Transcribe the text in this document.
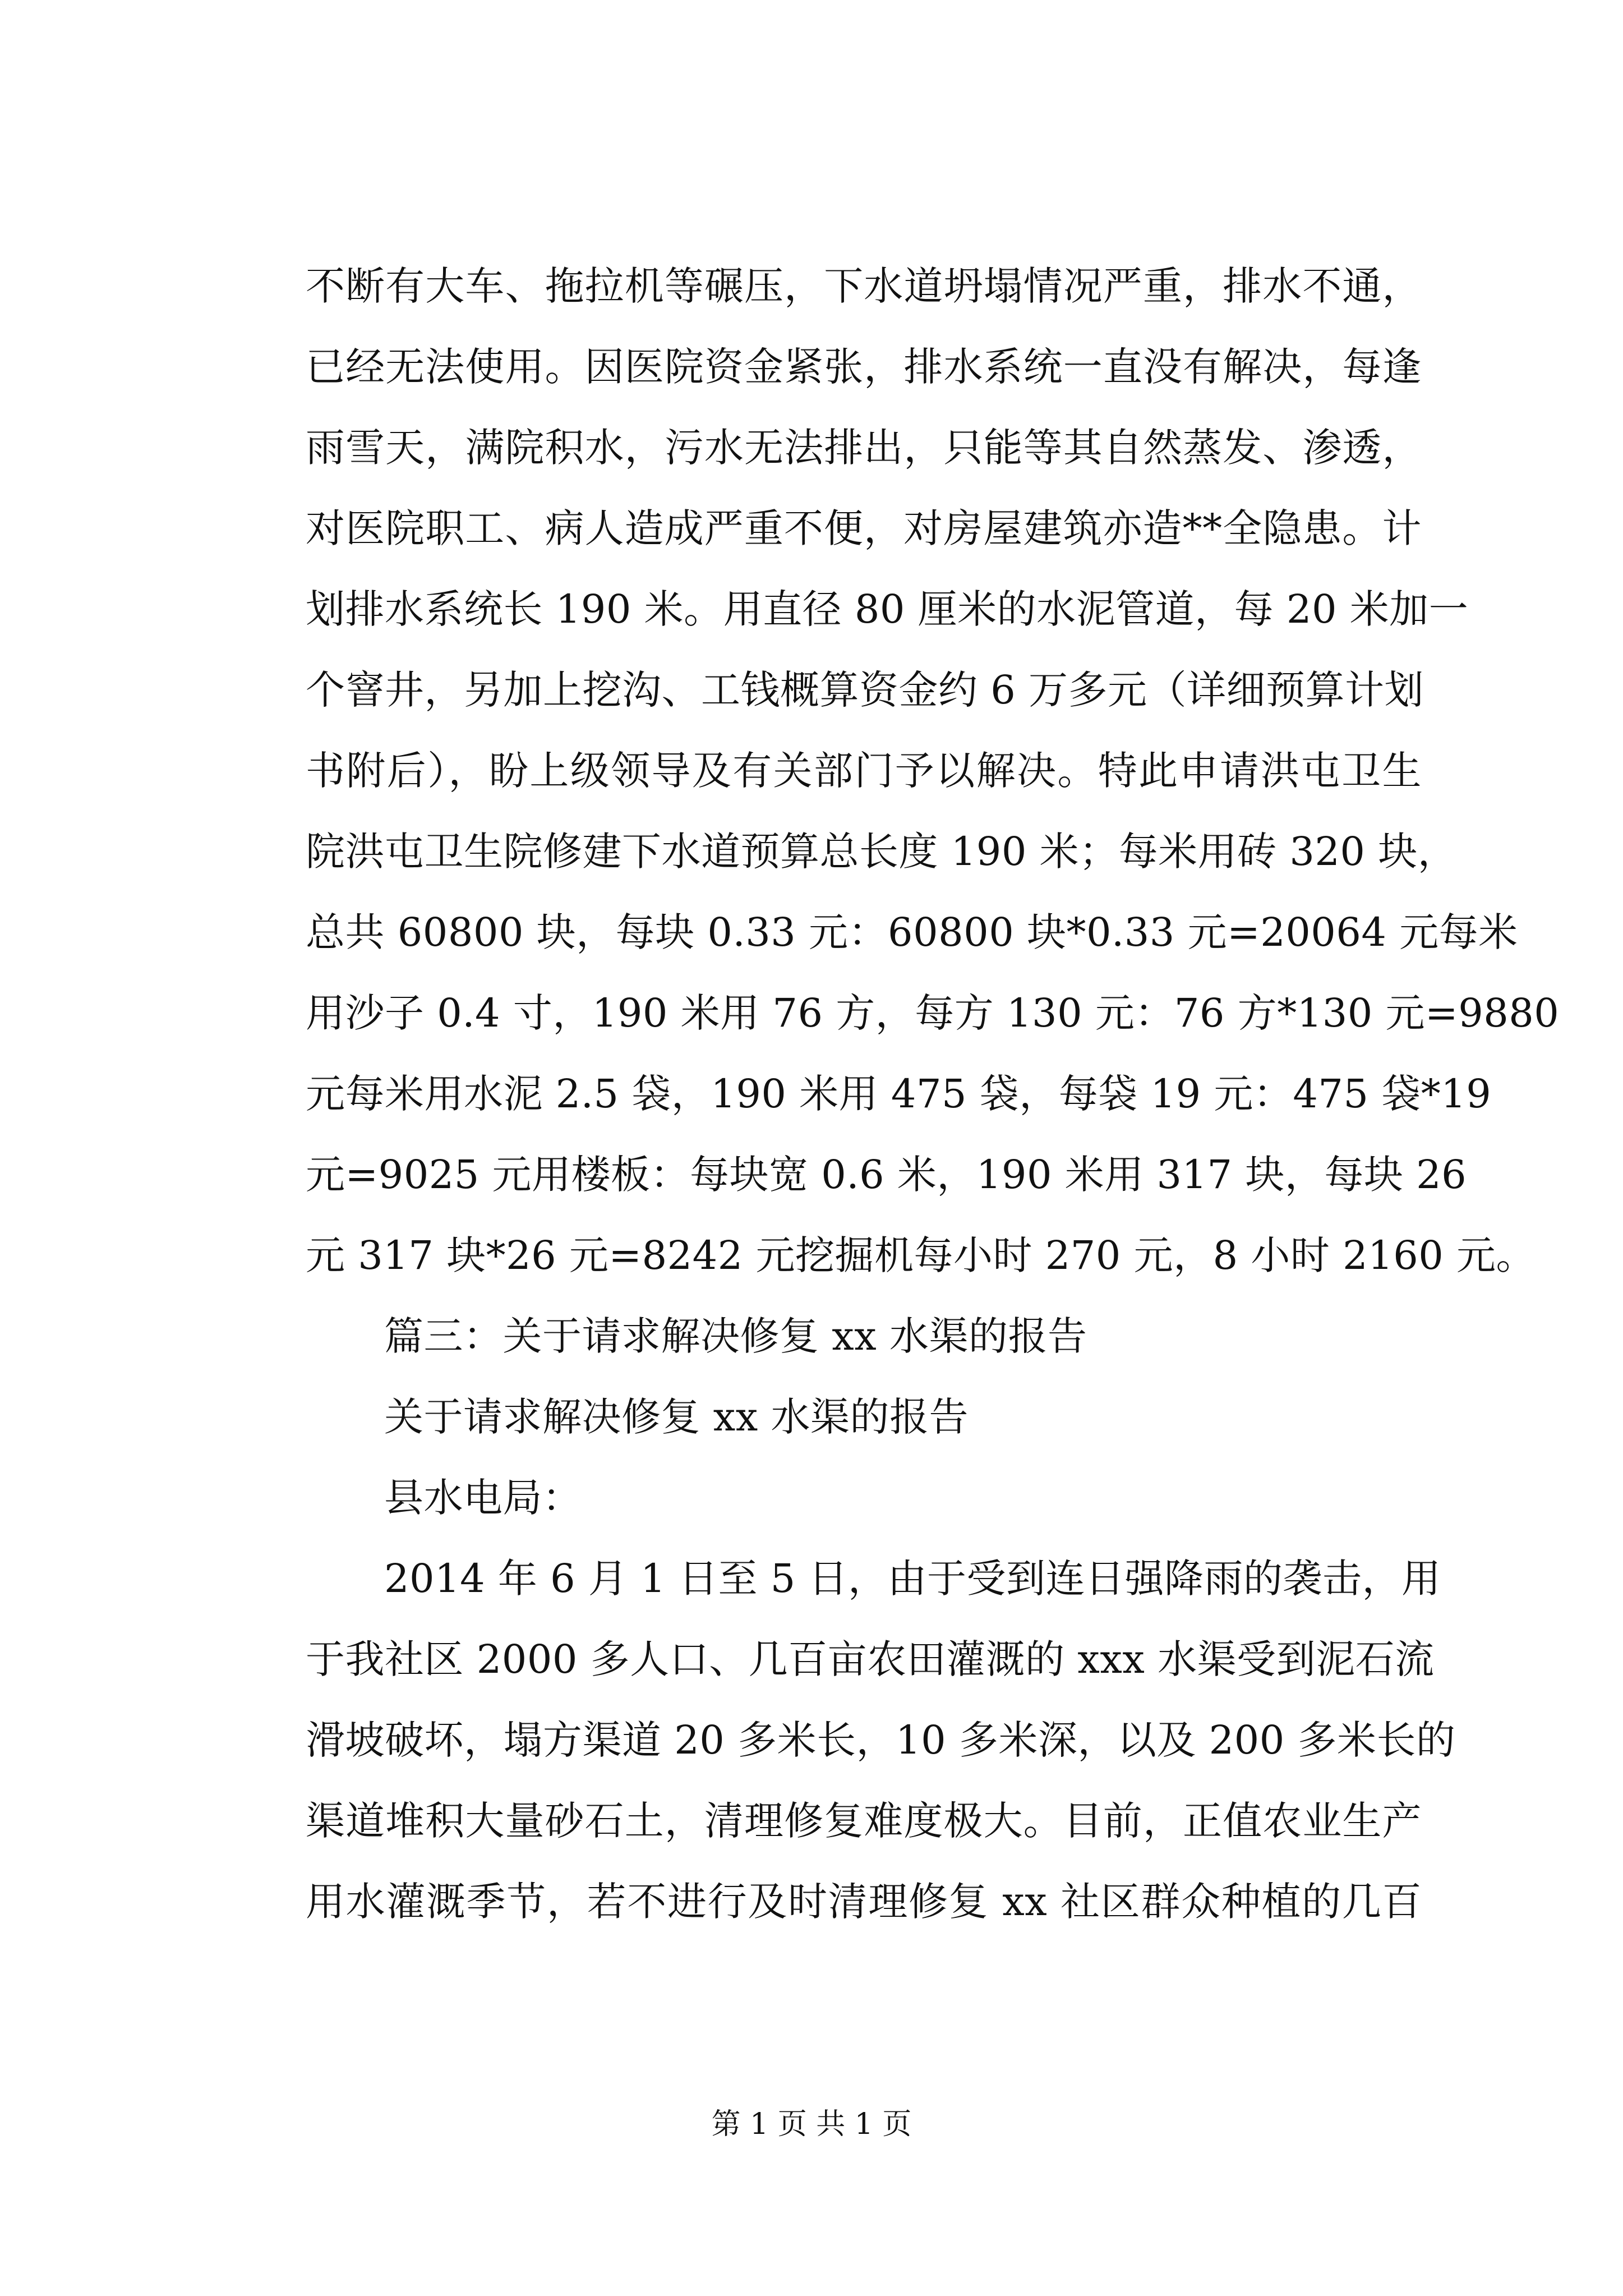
不断有大车、拖拉机等碾压，下水道坍塌情况严重，排水不通，
已经无法使用。因医院资金紧张，排水系统一直没有解决，每逢
雨雪天，满院积水，污水无法排出，只能等其自然蒸发、渗透，
对医院职工、病人造成严重不便，对房屋建筑亦造**全隐患。计
划排水系统长 190 米。用直径 80 厘米的水泥管道，每 20 米加一
个窨井，另加上挖沟、工钱概算资金约 6 万多元（详细预算计划
书附后），盼上级领导及有关部门予以解决。特此申请洪屯卫生
院洪屯卫生院修建下水道预算总长度 190 米；每米用砖 320 块，
总共 60800 块，每块 0.33 元：60800 块*0.33 元=20064 元每米
用沙子 0.4 寸，190 米用 76 方，每方 130 元：76 方*130 元=9880
元每米用水泥 2.5 袋，190 米用 475 袋，每袋 19 元：475 袋*19
元=9025 元用楼板：每块宽 0.6 米，190 米用 317 块，每块 26
元 317 块*26 元=8242 元挖掘机每小时 270 元，8 小时 2160 元。
篇三：关于请求解决修复 xx 水渠的报告
关于请求解决修复 xx 水渠的报告
县水电局：
2014 年 6 月 1 日至 5 日，由于受到连日强降雨的袭击，用
于我社区 2000 多人口、几百亩农田灌溉的 xxx 水渠受到泥石流
滑坡破坏，塌方渠道 20 多米长，10 多米深，以及 200 多米长的
渠道堆积大量砂石土，清理修复难度极大。目前，正值农业生产
用水灌溉季节，若不进行及时清理修复 xx 社区群众种植的几百
第 1 页 共 1 页
